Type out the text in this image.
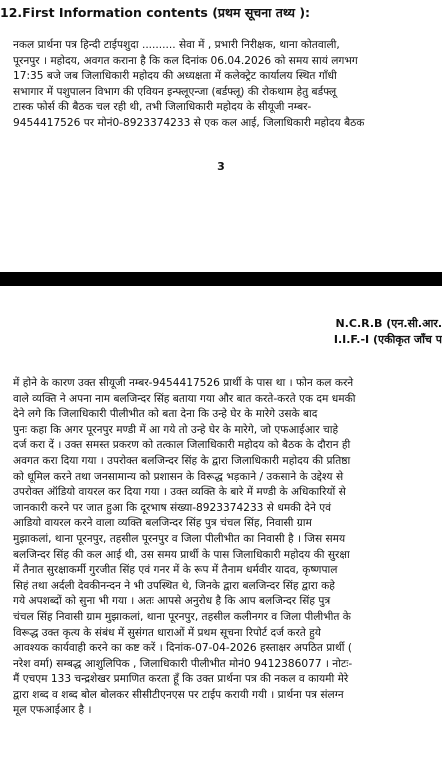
12.First Information contents (प्रथम सूचना तथ्य ):
नकल प्रार्थना पत्र हिन्दी टाईपशुदा .......... सेवा में , प्रभारी निरीक्षक, थाना कोतवाली,
पूरनपुर । महोदय, अवगत कराना है कि कल दिनांक 06.04.2026 को समय सायं लगभग
17:35 बजे जब जिलाधिकारी महोदय की अध्यक्षता में कलेक्ट्रेट कार्यालय स्थित गाँधी
सभागार में पशुपालन विभाग की एवियन इन्फ्लूएन्जा (बर्डफ्लू) की रोकथाम हेतु बर्डफ्लू
टास्क फोर्स की बैठक चल रही थी, तभी जिलाधिकारी महोदय के सीयूजी नम्बर-
9454417526 पर मोनं0-8923374233 से एक कल आई, जिलाधिकारी महोदय बैठक
3
N.C.R.B (एन.सी.आर.
I.I.F.-I (एकीकृत जाँच प
में होने के कारण उक्त सीयूजी नम्बर-9454417526 प्रार्थी के पास था । फोन कल करने
वाले व्यक्ति ने अपना नाम बलजिन्दर सिंह बताया गया और बात करते-करते एक दम धमकी
देने लगे कि जिलाधिकारी पीलीभीत को बता देना कि उन्हे घेर के मारेगे उसके बाद
पुनः कहा कि अगर पूरनपुर मण्डी में आ गये तो उन्हे घेर के मारेगे, जो एफआईआर चाहे
दर्ज करा दें । उक्त समस्त प्रकरण को तत्काल जिलाधिकारी महोदय को बैठक के दौरान ही
अवगत करा दिया गया । उपरोक्त बलजिन्दर सिंह के द्वारा जिलाधिकारी महोदय की प्रतिष्ठा
को धूमिल करने तथा जनसामान्य को प्रशासन के विरूद्ध भड़काने / उकसाने के उद्देश्य से
उपरोक्त ऑडियो वायरल कर दिया गया । उक्त व्यक्ति के बारे में मण्डी के अधिकारियों से
जानकारी करने पर जात हुआ कि दूरभाष संख्या-8923374233 से धमकी देने एवं
आडियो वायरल करने वाला व्यक्ति बलजिन्दर सिंह पुत्र चंचल सिंह, निवासी ग्राम
मुझाकलां, थाना पूरनपुर, तहसील पूरनपुर व जिला पीलीभीत का निवासी है । जिस समय
बलजिन्दर सिंह की कल आई थी, उस समय प्रार्थी के पास जिलाधिकारी महोदय की सुरक्षा
में तैनात सुरक्षाकर्मी गुरजीत सिंह एवं गनर में के रूप में तैनाम धर्मवीर यादव, कृष्णपाल
सिहं तथा अर्दली देवकीनन्दन ने भी उपस्थित थे, जिनके द्वारा बलजिन्दर सिंह द्वारा कहे
गये अपशब्दों को सुना भी गया । अतः आपसे अनुरोध है कि आप बलजिन्दर सिंह पुत्र
चंचल सिंह निवासी ग्राम मुझाकलां, थाना पूरनपुर, तहसील कलीनगर व जिला पीलीभीत के
विरूद्ध उक्त कृत्य के संबंध में सुसंगत धाराओं में प्रथम सूचना रिपोर्ट दर्ज करते हुये
आवश्यक कार्यवाही करने का कष्ट करें । दिनांक-07-04-2026 हस्ताक्षर अपठित प्रार्थी (
नरेश वर्मा) सम्बद्ध आशुलिपिक , जिलाधिकारी पीलीभीत मोनं0 9412386077 । नोटः-
मैं एचएम 133 चन्द्रशेखर प्रमाणित करता हूँ कि उक्त प्रार्थना पत्र की नकल व कायमी मेरे
द्वारा शब्द व शब्द बोल बोलकर सीसीटीएनएस पर टाईप करायी गयी । प्रार्थना पत्र संलग्न
मूल एफआईआर है ।
